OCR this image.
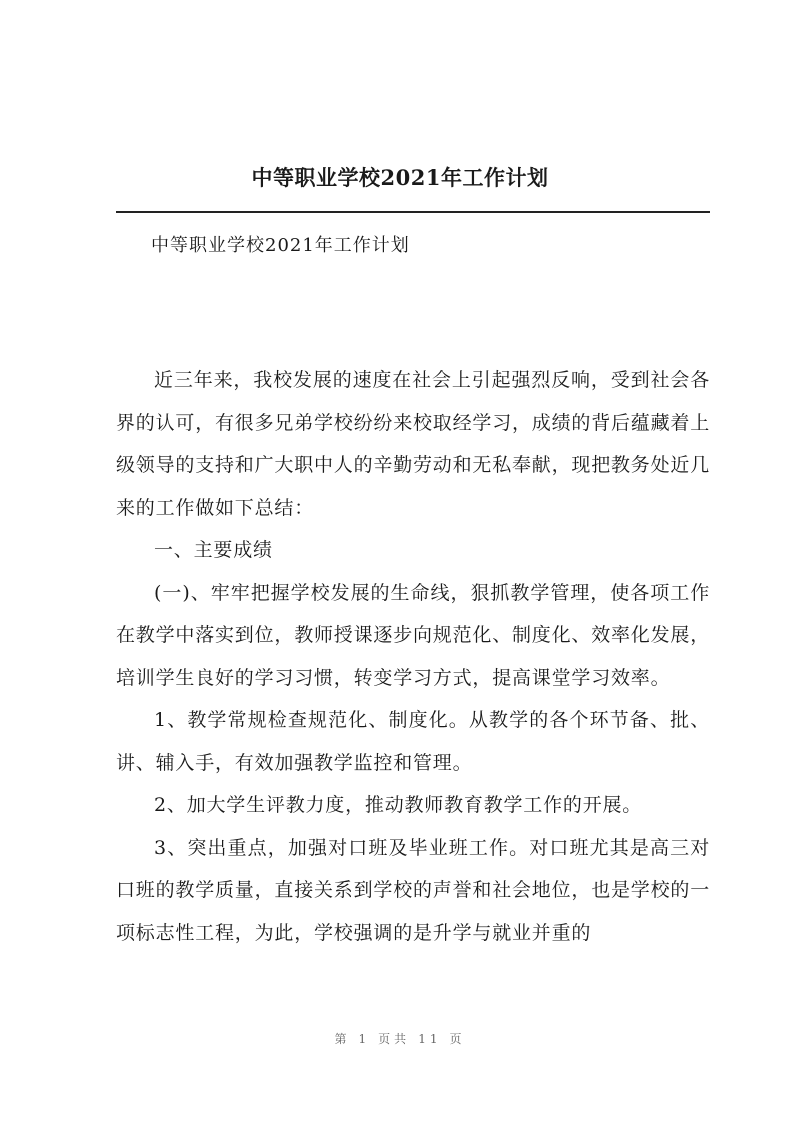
中等职业学校2021年工作计划

中等职业学校2021年工作计划

近三年来，我校发展的速度在社会上引起强烈反响，受到社会各界的认可，有很多兄弟学校纷纷来校取经学习，成绩的背后蕴藏着上级领导的支持和广大职中人的辛勤劳动和无私奉献，现把教务处近几来的工作做如下总结：

一、主要成绩

(一)、牢牢把握学校发展的生命线，狠抓教学管理，使各项工作在教学中落实到位，教师授课逐步向规范化、制度化、效率化发展，培训学生良好的学习习惯，转变学习方式，提高课堂学习效率。

1、教学常规检查规范化、制度化。从教学的各个环节备、批、讲、辅入手，有效加强教学监控和管理。

2、加大学生评教力度，推动教师教育教学工作的开展。

3、突出重点，加强对口班及毕业班工作。对口班尤其是高三对口班的教学质量，直接关系到学校的声誉和社会地位，也是学校的一项标志性工程，为此，学校强调的是升学与就业并重的

第 1 页共 11 页
